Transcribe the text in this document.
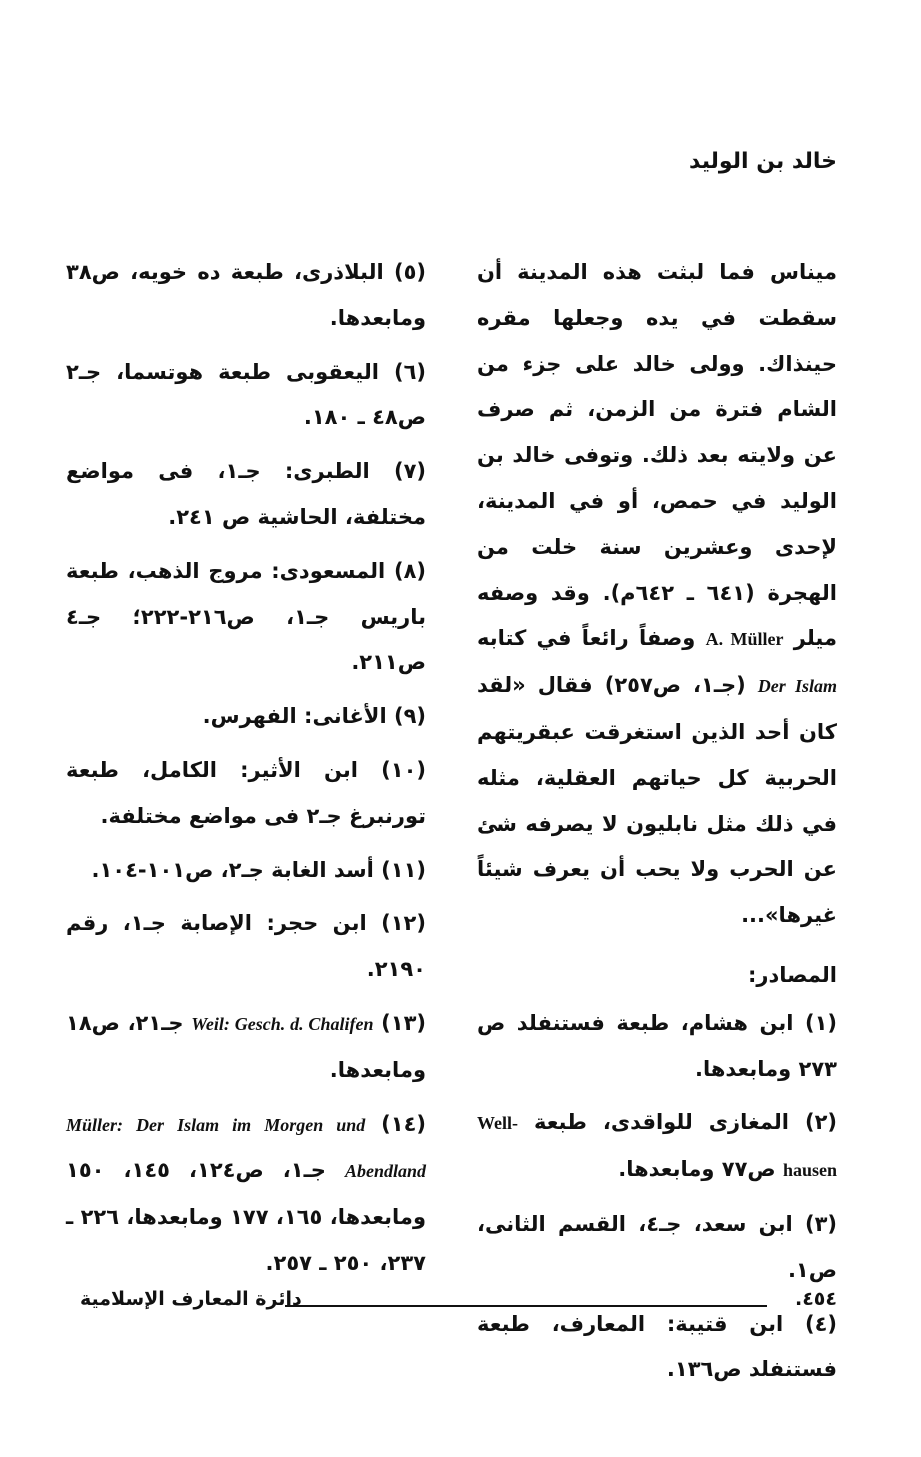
خالد بن الوليد

ميناس فما لبثت هذه المدينة أن سقطت في يده وجعلها مقره حينذاك. وولى خالد على جزء من الشام فترة من الزمن، ثم صرف عن ولايته بعد ذلك. وتوفى خالد بن الوليد في حمص، أو في المدينة، لإحدى وعشرين سنة خلت من الهجرة (٦٤١ ـ ٦٤٢م). وقد وصفه ميلر A. Müller وصفاً رائعاً في كتابه Der Islam (جـ١، ص٢٥٧) فقال «لقد كان أحد الذين استغرقت عبقريتهم الحربية كل حياتهم العقلية، مثله في ذلك مثل نابليون لا يصرفه شئ عن الحرب ولا يحب أن يعرف شيئاً غيرها»...

المصادر:

(١) ابن هشام، طبعة فستنفلد ص ٢٧٣ ومابعدها.

(٢) المغازى للواقدى، طبعة Well- hausen ص٧٧ ومابعدها.

(٣) ابن سعد، جـ٤، القسم الثانى، ص١.

(٤) ابن قتيبة: المعارف، طبعة فستنفلد ص١٣٦.

(٥) البلاذرى، طبعة ده خويه، ص٣٨ ومابعدها.

(٦) اليعقوبى طبعة هوتسما، جـ٢ ص٤٨ ـ ١٨٠.

(٧) الطبرى: جـ١، فى مواضع مختلفة، الحاشية ص ٢٤١.

(٨) المسعودى: مروج الذهب، طبعة باريس جـ١، ص٢١٦-٢٢٢؛ جـ٤ ص٢١١.

(٩) الأغانى: الفهرس.

(١٠) ابن الأثير: الكامل، طبعة تورنبرغ جـ٢ فى مواضع مختلفة.

(١١) أسد الغابة جـ٢، ص١٠١-١٠٤.

(١٢) ابن حجر: الإصابة جـ١، رقم ٢١٩٠.

(١٣) Weil: Gesch. d. Chalifen جـ٢١، ص١٨ ومابعدها.

(١٤) Müller: Der Islam im Morgen und Abendland جـ١، ص١٢٤، ١٤٥، ١٥٠ ومابعدها، ١٦٥، ١٧٧ ومابعدها، ٢٢٦ ـ ٢٣٧، ٢٥٠ ـ ٢٥٧.

٤٥٤.
دائرة المعارف الإسلامية
